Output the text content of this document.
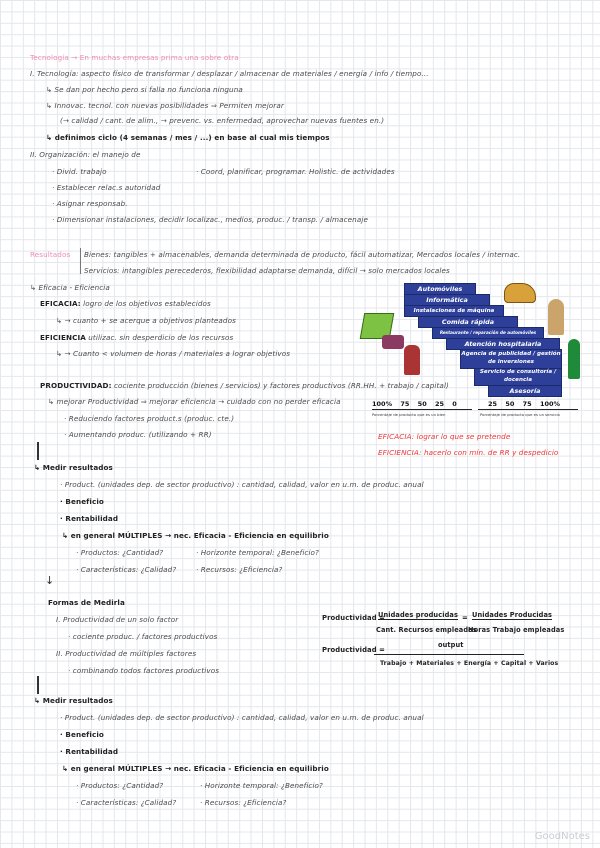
Tecnología → En muchas empresas prima una sobre otra
I. Tecnología: aspecto físico de transformar / desplazar / almacenar de materiales / energía / info / tiempo...
↳ Se dan por hecho pero si falla no funciona ninguna
↳ Innovac. tecnol. con nuevas posibilidades ⇒ Permiten mejorar
(→ calidad / cant. de alim., → prevenc. vs. enfermedad, aprovechar nuevas fuentes en.)
↳ definimos ciclo (4 semanas / mes / ...) en base al cual mis tiempos
II. Organización: el manejo de
· Divid. trabajo	· Coord, planificar, programar. Holistic. de actividades
· Establecer relac.s autoridad
· Asignar responsab.
· Dimensionar instalaciones, decidir localizac., medios, produc. / transp. / almacenaje
Resultados Bienes: tangibles + almacenables, demanda determinada de producto, fácil automatizar, Mercados locales / internac.
Servicios: intangibles perecederos, flexibilidad adaptarse demanda, difícil → solo mercados locales
↳ Eficacia - Eficiencia
EFICACIA: logro de los objetivos establecidos
↳ → cuanto + se acerque a objetivos planteados
EFICIENCIA utilizac. sin desperdicio de los recursos
↳ → Cuanto < volumen de horas / materiales a lograr objetivos
PRODUCTIVIDAD: cociente producción (bienes / servicios) y factores productivos (RR.HH. + trabajo / capital)
↳ mejorar Productividad ⇒ mejorar eficiencia → cuidado con no perder eficacia
· Reduciendo factores product.s (produc. cte.)
· Aumentando produc. (utilizando + RR)
Automóviles
Informática
Instalaciones de máquina
Comida rápida
Restaurante / reparación de automóviles
Atención hospitalaria
Agencia de publicidad / gestión de inversiones
Servicio de consultoría / docencia
Asesoría
100% 75 50 25 0	25 50 75 100%
Porcentaje de producto que es un bien	Porcentaje de producto que es un servicio
EFICACIA: lograr lo que se pretende
EFICIENCIA: hacerlo con mín. de RR y despedicio
↳ Medir resultados
· Product. (unidades dep. de sector productivo) : cantidad, calidad, valor en u.m. de produc. anual
· Beneficio
· Rentabilidad
↳ en general MÚLTIPLES → nec. Eficacia - Eficiencia en equilibrio
· Productos: ¿Cantidad?	· Horizonte temporal: ¿Beneficio?
· Características: ¿Calidad?	· Recursos: ¿Eficiencia?
↓
Formas de Medirla
I. Productividad de un solo factor
· cociente produc. / factores productivos
II. Productividad de múltiples factores
· combinando todos factores productivos
Productividad =
Unidades producidas
Cant. Recursos empleados
= Unidades Producidas
Horas Trabajo empleadas
Productividad =
output
Trabajo + Materiales + Energía + Capital + Varios
↳ Medir resultados
· Product. (unidades dep. de sector productivo) : cantidad, calidad, valor en u.m. de produc. anual
· Beneficio
· Rentabilidad
↳ en general MÚLTIPLES → nec. Eficacia - Eficiencia en equilibrio
· Productos: ¿Cantidad?	· Horizonte temporal: ¿Beneficio?
· Características: ¿Calidad?	· Recursos: ¿Eficiencia?
GoodNotes
